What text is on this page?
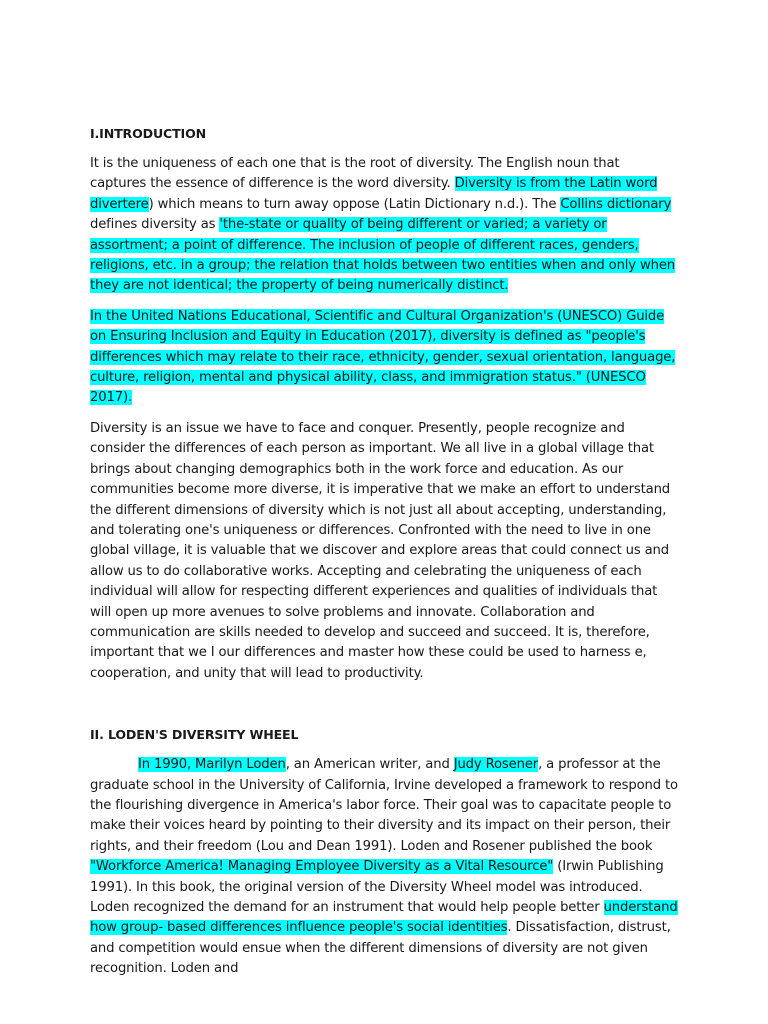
I.INTRODUCTION

It is the uniqueness of each one that is the root of diversity. The English noun that captures the essence of difference is the word diversity. Diversity is from the Latin word divertere) which means to turn away oppose (Latin Dictionary n.d.). The Collins dictionary defines diversity as 'the-state or quality of being different or varied; a variety or assortment; a point of difference. The inclusion of people of different races, genders, religions, etc. in a group; the relation that holds between two entities when and only when they are not identical; the property of being numerically distinct.

In the United Nations Educational, Scientific and Cultural Organization's (UNESCO) Guide on Ensuring Inclusion and Equity in Education (2017), diversity is defined as "people's differences which may relate to their race, ethnicity, gender, sexual orientation, language, culture, religion, mental and physical ability, class, and immigration status." (UNESCO 2017).

Diversity is an issue we have to face and conquer. Presently, people recognize and consider the differences of each person as important. We all live in a global village that brings about changing demographics both in the work force and education. As our communities become more diverse, it is imperative that we make an effort to understand the different dimensions of diversity which is not just all about accepting, understanding, and tolerating one's uniqueness or differences. Confronted with the need to live in one global village, it is valuable that we discover and explore areas that could connect us and allow us to do collaborative works. Accepting and celebrating the uniqueness of each individual will allow for respecting different experiences and qualities of individuals that will open up more avenues to solve problems and innovate. Collaboration and communication are skills needed to develop and succeed and succeed. It is, therefore, important that we I our differences and master how these could be used to harness e, cooperation, and unity that will lead to productivity.

II. LODEN'S DIVERSITY WHEEL

In 1990, Marilyn Loden, an American writer, and Judy Rosener, a professor at the graduate school in the University of California, Irvine developed a framework to respond to the flourishing divergence in America's labor force. Their goal was to capacitate people to make their voices heard by pointing to their diversity and its impact on their person, their rights, and their freedom (Lou and Dean 1991). Loden and Rosener published the book "Workforce America! Managing Employee Diversity as a Vital Resource" (Irwin Publishing 1991). In this book, the original version of the Diversity Wheel model was introduced. Loden recognized the demand for an instrument that would help people better understand how group- based differences influence people's social identities. Dissatisfaction, distrust, and competition would ensue when the different dimensions of diversity are not given recognition. Loden and
